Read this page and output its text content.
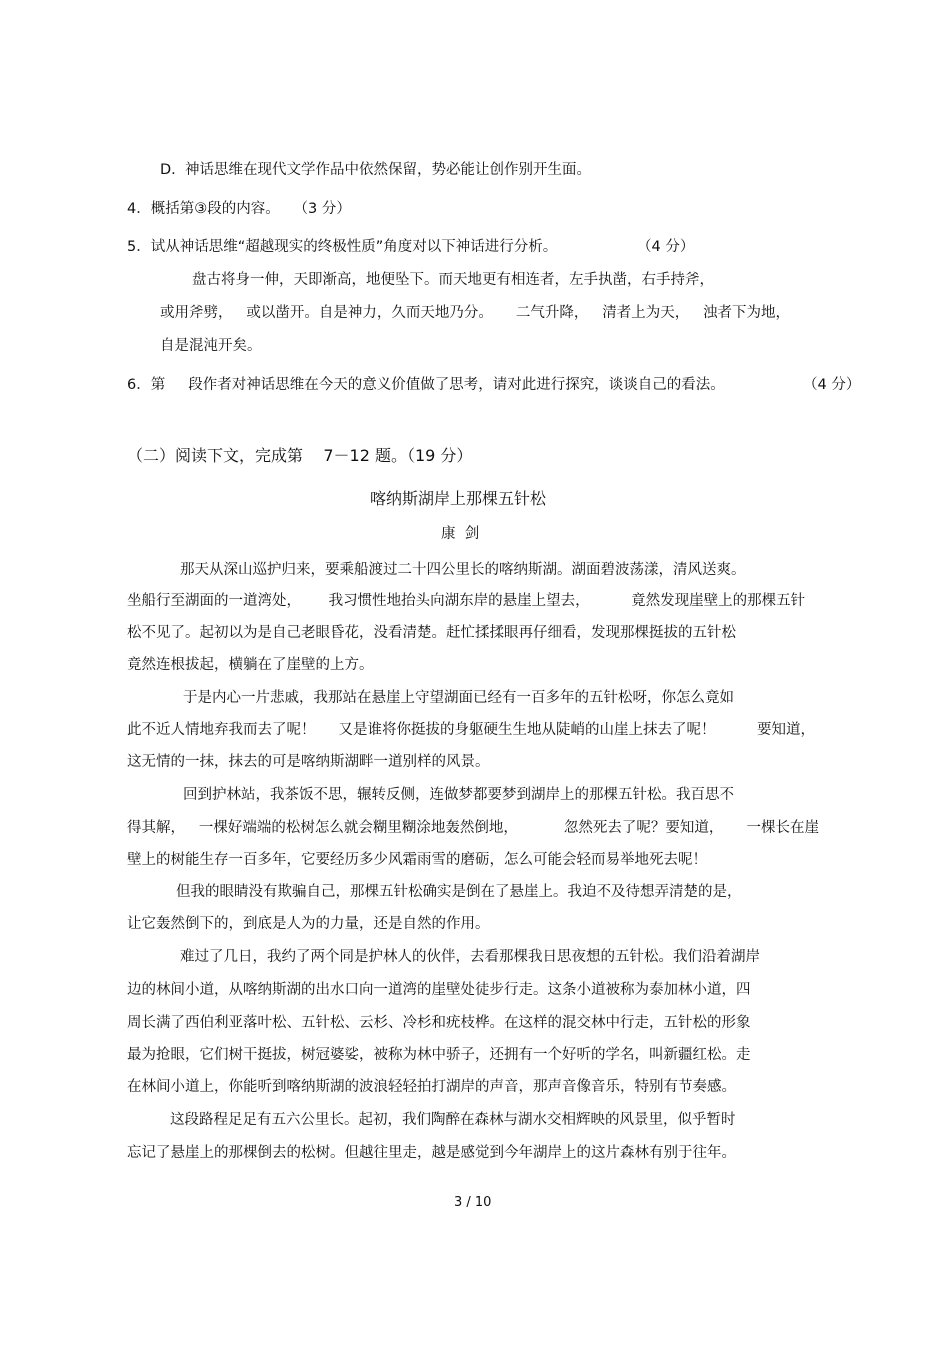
D.  神话思维在现代文学作品中依然保留，势必能让创作别开生面。
4．概括第③段的内容。   （3 分）
5．试从神话思维“超越现实的终极性质”角度对以下神话进行分析。	（4 分）
盘古将身一伸，天即渐高，地便坠下。而天地更有相连者，左手执凿，右手持斧，
或用斧劈，   或以凿开。自是神力，久而天地乃分。     二气升降，   清者上为天，   浊者下为地，
自是混沌开矣。
6．第     段作者对神话思维在今天的意义价值做了思考，请对此进行探究，谈谈自己的看法。	（4 分）
（二）阅读下文，完成第    7－12 题。（19 分）
喀纳斯湖岸上那棵五针松
康  剑
那天从深山巡护归来，要乘船渡过二十四公里长的喀纳斯湖。湖面碧波荡漾，清风送爽。
坐船行至湖面的一道湾处，      我习惯性地抬头向湖东岸的悬崖上望去，         竟然发现崖壁上的那棵五针
松不见了。起初以为是自己老眼昏花，没看清楚。赶忙揉揉眼再仔细看，发现那棵挺拔的五针松
竟然连根拔起，横躺在了崖壁的上方。
于是内心一片悲戚，我那站在悬崖上守望湖面已经有一百多年的五针松呀，你怎么竟如
此不近人情地弃我而去了呢！     又是谁将你挺拔的身躯硬生生地从陡峭的山崖上抹去了呢！         要知道，
这无情的一抹，抹去的可是喀纳斯湖畔一道别样的风景。
回到护林站，我茶饭不思，辗转反侧，连做梦都要梦到湖岸上的那棵五针松。我百思不
得其解，   一棵好端端的松树怎么就会糊里糊涂地轰然倒地，          忽然死去了呢？要知道，     一棵长在崖
壁上的树能生存一百多年，它要经历多少风霜雨雪的磨砺，怎么可能会轻而易举地死去呢！
但我的眼睛没有欺骗自己，那棵五针松确实是倒在了悬崖上。我迫不及待想弄清楚的是，
让它轰然倒下的，到底是人为的力量，还是自然的作用。
难过了几日，我约了两个同是护林人的伙伴，去看那棵我日思夜想的五针松。我们沿着湖岸
边的林间小道，从喀纳斯湖的出水口向一道湾的崖壁处徒步行走。这条小道被称为泰加林小道，四
周长满了西伯利亚落叶松、五针松、云杉、冷杉和疣枝桦。在这样的混交林中行走，五针松的形象
最为抢眼，它们树干挺拔，树冠婆娑，被称为林中骄子，还拥有一个好听的学名，叫新疆红松。走
在林间小道上，你能听到喀纳斯湖的波浪轻轻拍打湖岸的声音，那声音像音乐，特别有节奏感。
这段路程足足有五六公里长。起初，我们陶醉在森林与湖水交相辉映的风景里，似乎暂时
忘记了悬崖上的那棵倒去的松树。但越往里走，越是感觉到今年湖岸上的这片森林有别于往年。
3 / 10
